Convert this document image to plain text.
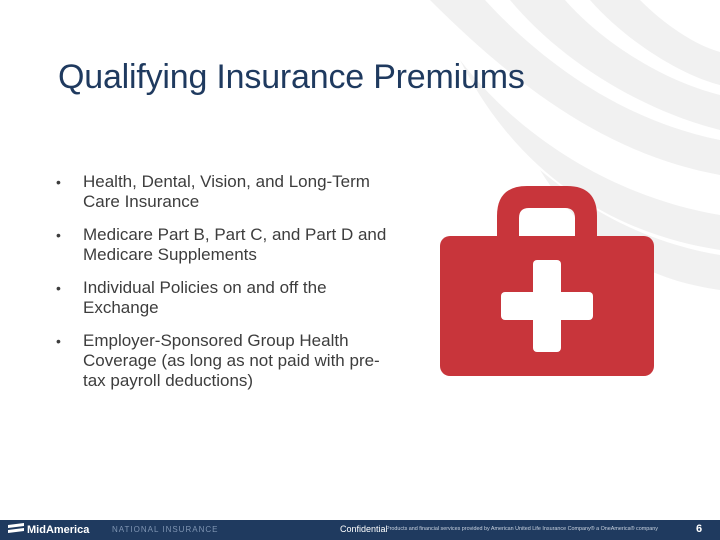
Qualifying Insurance Premiums
•	Health, Dental, Vision, and Long-Term Care Insurance
•	Medicare Part B, Part C, and Part D and Medicare Supplements
•	Individual Policies on and off the Exchange
•	Employer-Sponsored Group Health Coverage (as long as not paid with pre-tax payroll deductions)
MidAmerica	NATIONAL INSURANCE	Confidential
Products and financial services provided by American United Life Insurance Company® a OneAmerica® company	6
